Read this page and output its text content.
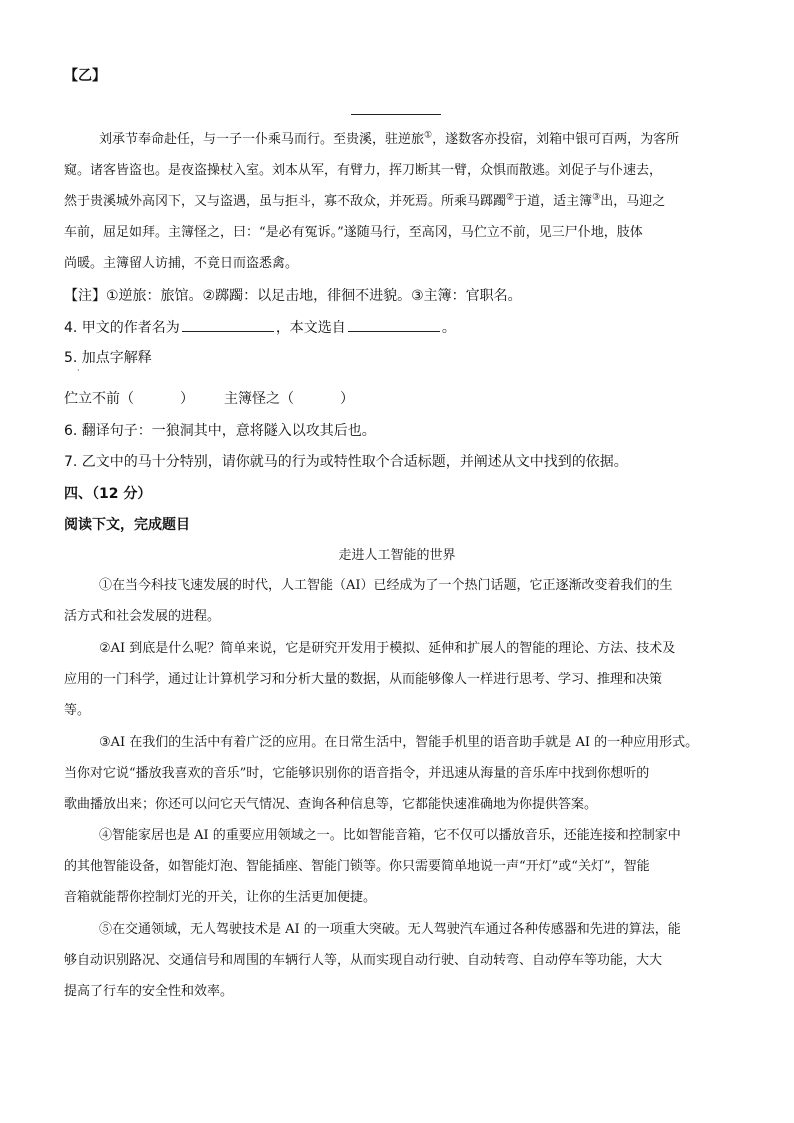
【乙】
刘承节奉命赴任，与一子一仆乘马而行。至贵溪，驻逆旅①，遂数客亦投宿，刘箱中银可百两，为客所
窥。诸客皆盗也。是夜盗操杖入室。刘本从军，有臂力，挥刀断其一臂，众惧而散逃。刘促子与仆速去，
然于贵溪城外高冈下，又与盗遇，虽与拒斗，寡不敌众，并死焉。所乘马踯躅②于道，适主簿③出，马迎之
车前，屈足如拜。主簿怪之，曰：“是必有冤诉。”遂随马行，至高冈，马伫立不前，见三尸仆地，肢体
尚暖。主簿留人访捕，不竟日而盗悉禽。
【注】①逆旅：旅馆。②踯躅：以足击地，徘徊不进貌。③主簿：官职名。
4. 甲文的作者名为	，本文选自	。
5. 加点字解释
·
伫立不前（	） 主簿怪之（	）
6. 翻译句子：一狼洞其中，意将隧入以攻其后也。
7. 乙文中的马十分特别，请你就马的行为或特性取个合适标题，并阐述从文中找到的依据。
四、（12 分）
阅读下文，完成题目
走进人工智能的世界
①在当今科技飞速发展的时代，人工智能（AI）已经成为了一个热门话题，它正逐渐改变着我们的生
活方式和社会发展的进程。
②AI 到底是什么呢？简单来说，它是研究开发用于模拟、延伸和扩展人的智能的理论、方法、技术及
应用的一门科学，通过让计算机学习和分析大量的数据，从而能够像人一样进行思考、学习、推理和决策
等。
③AI 在我们的生活中有着广泛的应用。在日常生活中，智能手机里的语音助手就是 AI 的一种应用形式。
当你对它说“播放我喜欢的音乐”时，它能够识别你的语音指令，并迅速从海量的音乐库中找到你想听的
歌曲播放出来；你还可以问它天气情况、查询各种信息等，它都能快速准确地为你提供答案。
④智能家居也是 AI 的重要应用领域之一。比如智能音箱，它不仅可以播放音乐，还能连接和控制家中
的其他智能设备，如智能灯泡、智能插座、智能门锁等。你只需要简单地说一声“开灯”或“关灯”，智能
音箱就能帮你控制灯光的开关，让你的生活更加便捷。
⑤在交通领域，无人驾驶技术是 AI 的一项重大突破。无人驾驶汽车通过各种传感器和先进的算法，能
够自动识别路况、交通信号和周围的车辆行人等，从而实现自动行驶、自动转弯、自动停车等功能，大大
提高了行车的安全性和效率。
